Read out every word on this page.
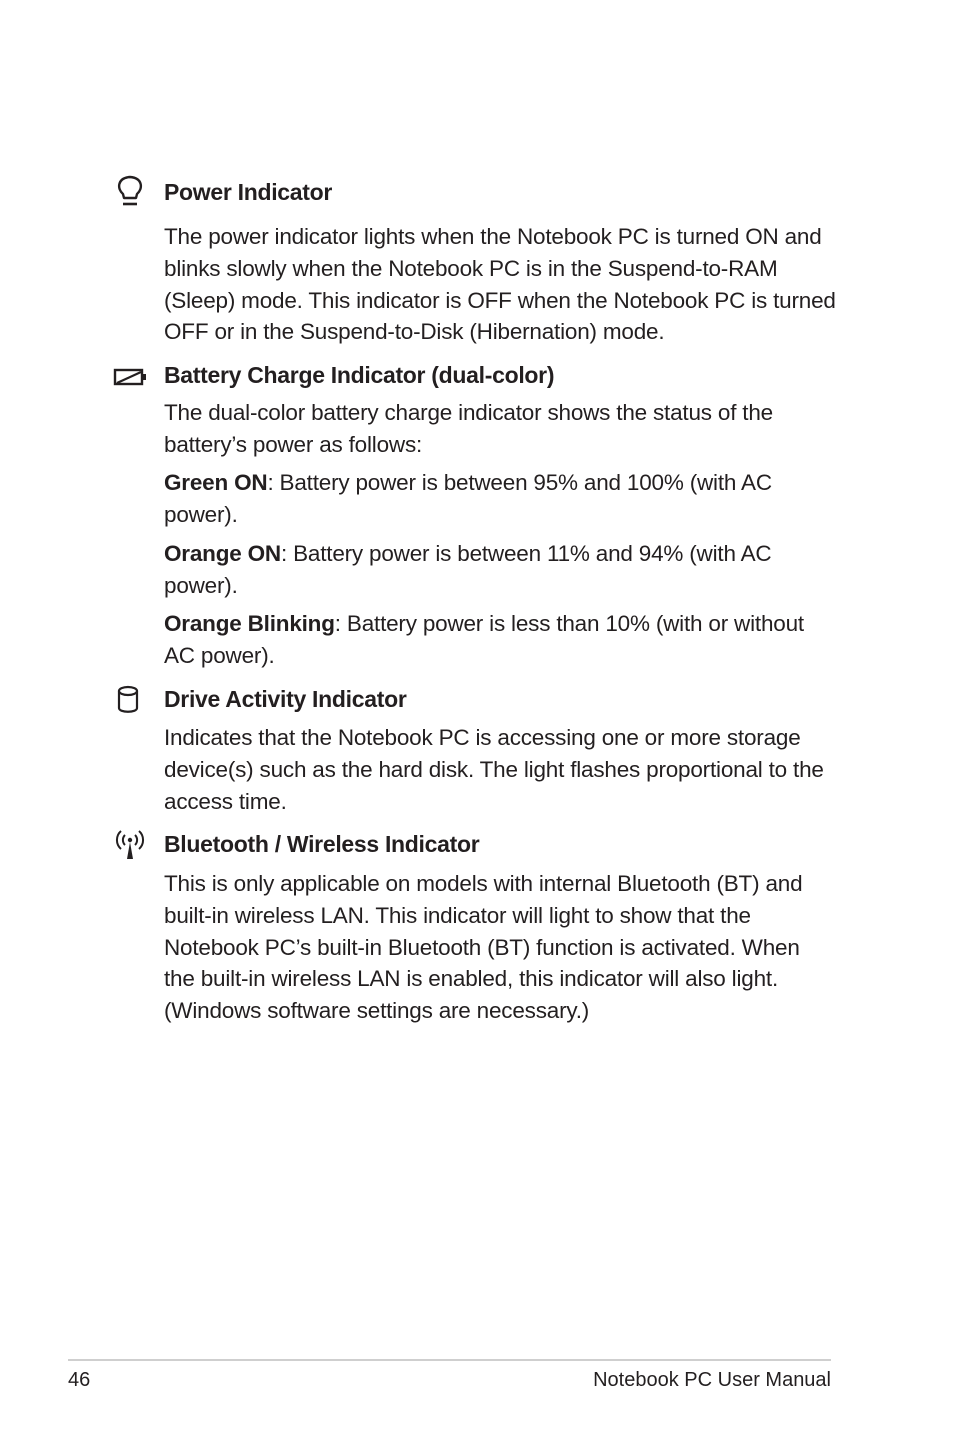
Power Indicator

The power indicator lights when the Notebook PC is turned ON and blinks slowly when the Notebook PC is in the Suspend-to-RAM (Sleep) mode. This indicator is OFF when the Notebook PC is turned OFF or in the Suspend-to-Disk (Hibernation) mode.

Battery Charge Indicator (dual-color)

The dual-color battery charge indicator shows the status of the battery’s power as follows:

Green ON: Battery power is between 95% and 100% (with AC power).

Orange ON: Battery power is between 11% and 94% (with AC power).

Orange Blinking: Battery power is less than 10% (with or without AC power).

Drive Activity Indicator

Indicates that the Notebook PC is accessing one or more storage device(s) such as the hard disk. The light flashes proportional to the access time.

Bluetooth / Wireless Indicator

This is only applicable on models with internal Bluetooth (BT) and built-in wireless LAN. This indicator will light to show that the Notebook PC’s built-in Bluetooth (BT) function is activated. When the built-in wireless LAN is enabled, this indicator will also light. (Windows software settings are necessary.)

46	Notebook PC User Manual
